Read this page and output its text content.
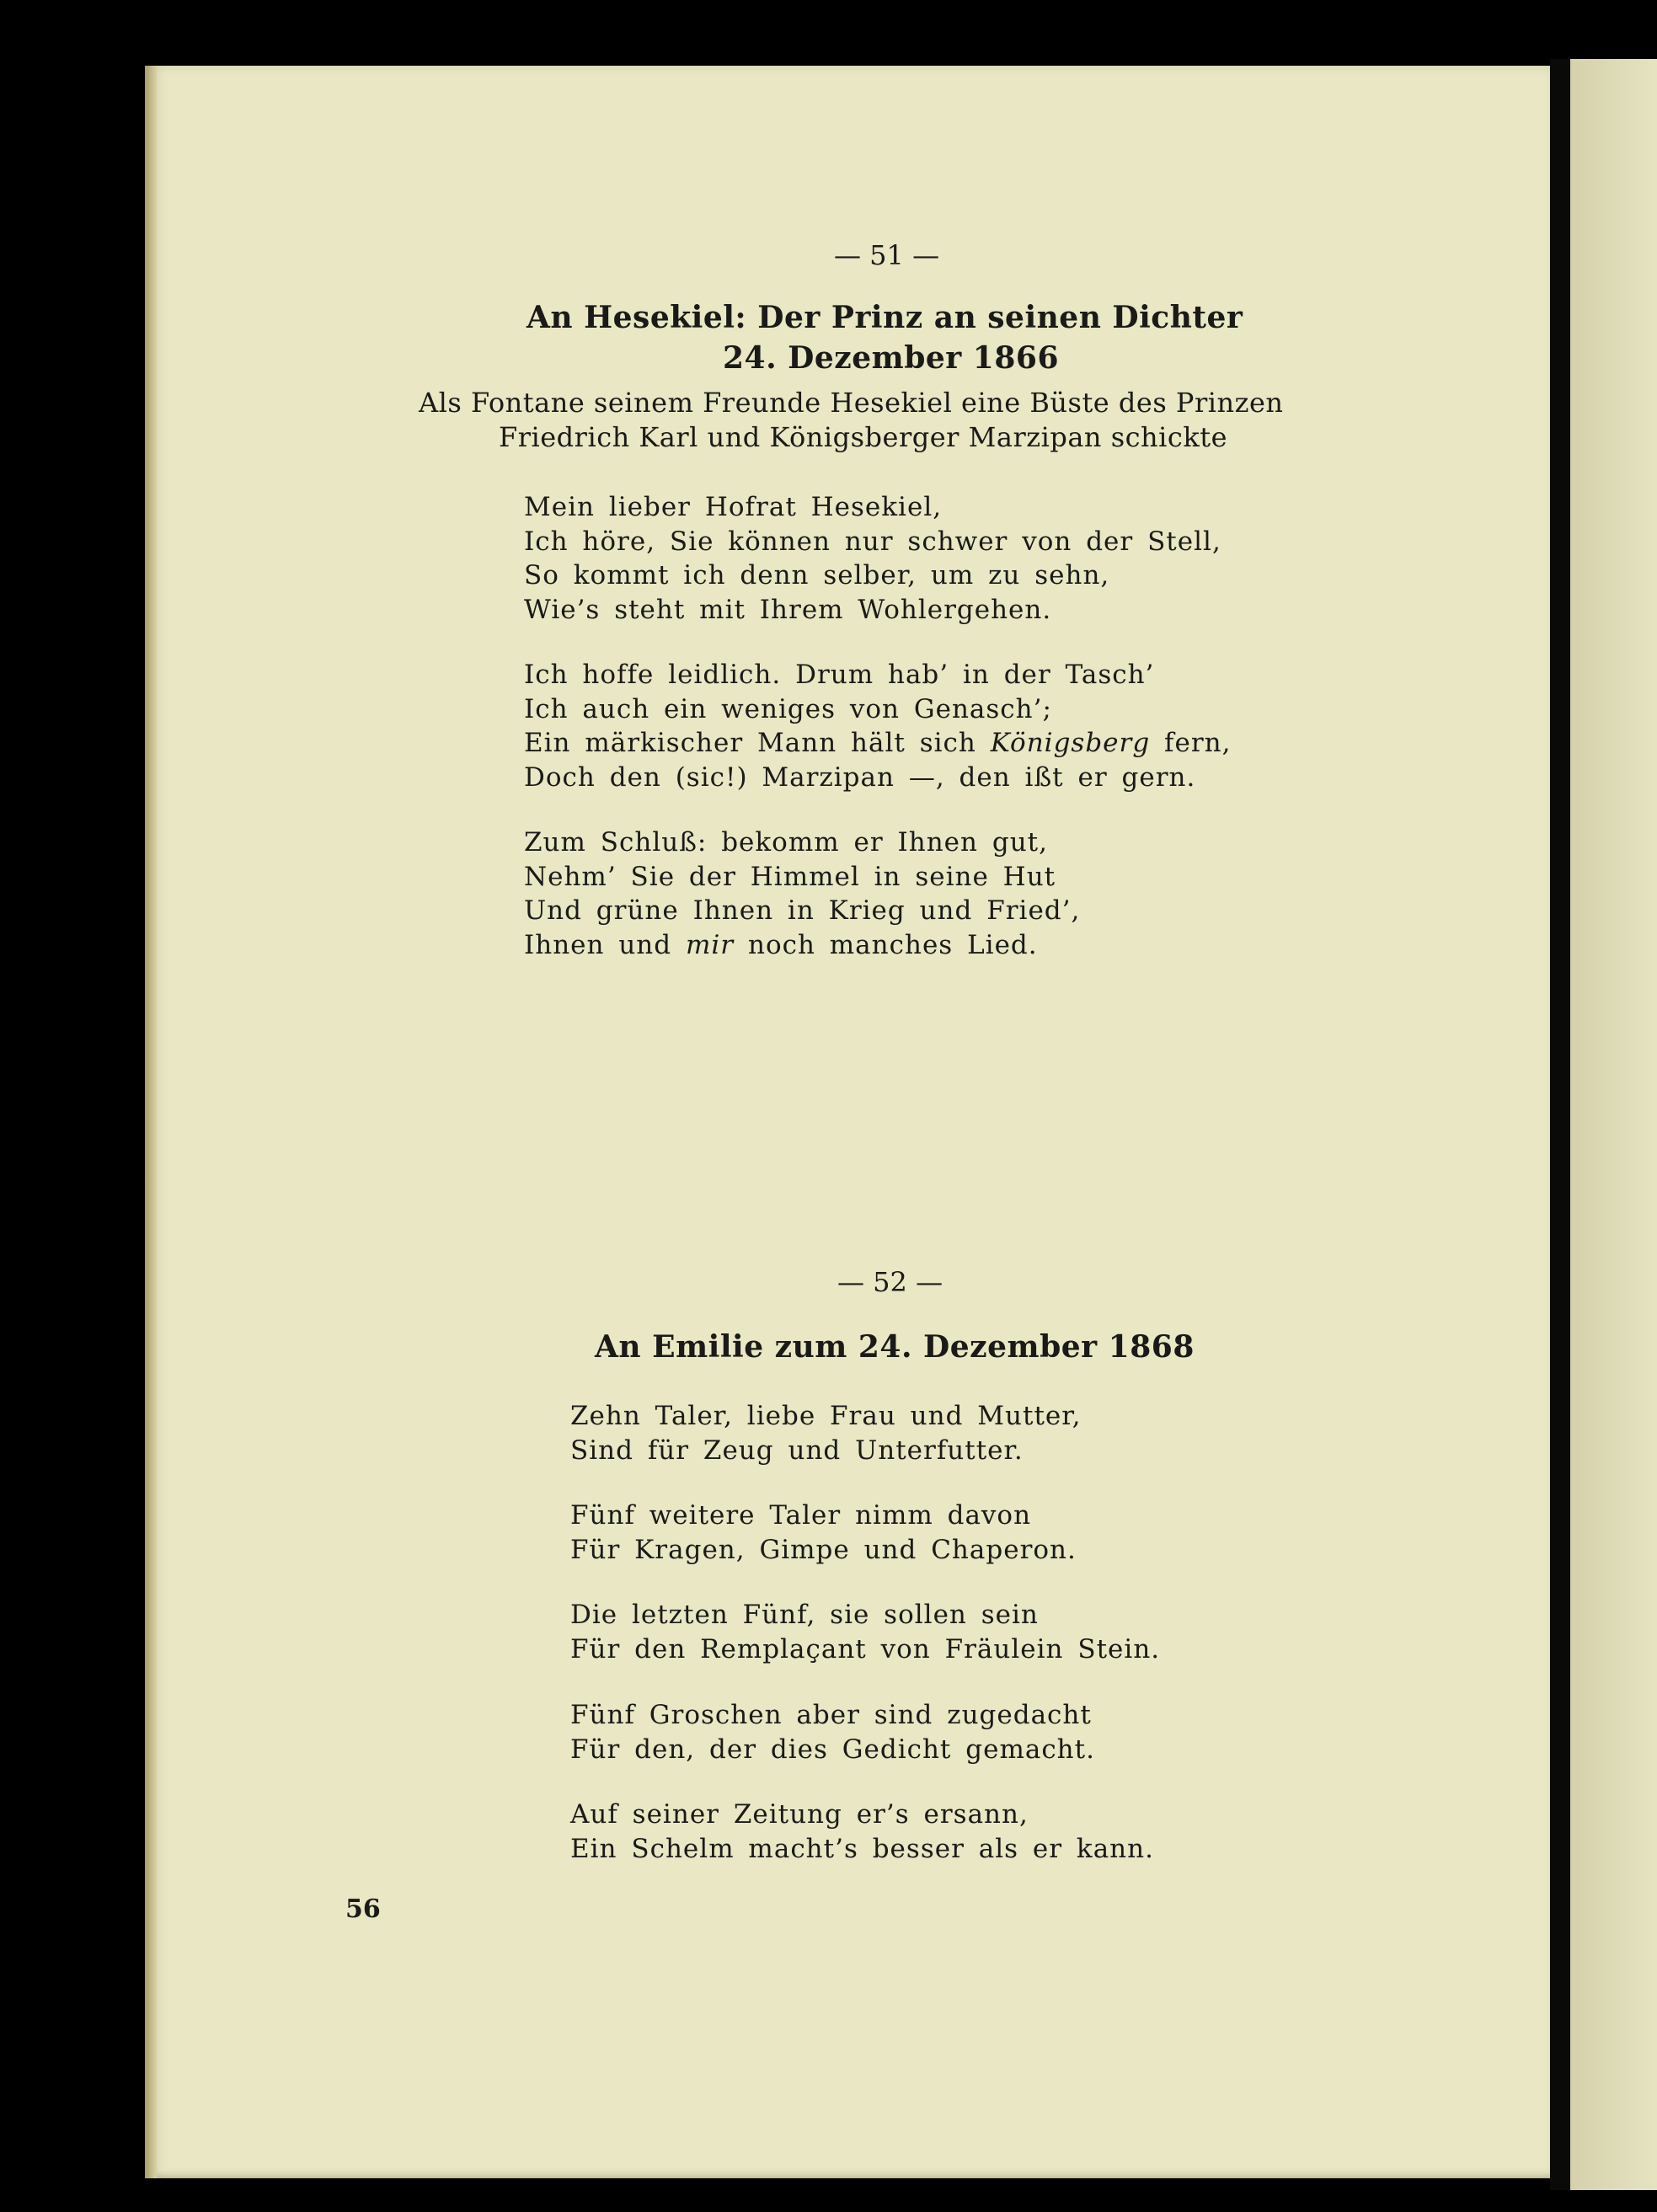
— 51 —
An Hesekiel: Der Prinz an seinen Dichter
24. Dezember 1866
Als Fontane seinem Freunde Hesekiel eine Büste des Prinzen
Friedrich Karl und Königsberger Marzipan schickte
Mein lieber Hofrat Hesekiel,
Ich höre, Sie können nur schwer von der Stell,
So kommt ich denn selber, um zu sehn,
Wie’s steht mit Ihrem Wohlergehen.
Ich hoffe leidlich. Drum hab’ in der Tasch’
Ich auch ein weniges von Genasch’;
Ein märkischer Mann hält sich Königsberg fern,
Doch den (sic!) Marzipan —, den ißt er gern.
Zum Schluß: bekomm er Ihnen gut,
Nehm’ Sie der Himmel in seine Hut
Und grüne Ihnen in Krieg und Fried’,
Ihnen und mir noch manches Lied.
— 52 —
An Emilie zum 24. Dezember 1868
Zehn Taler, liebe Frau und Mutter,
Sind für Zeug und Unterfutter.
Fünf weitere Taler nimm davon
Für Kragen, Gimpe und Chaperon.
Die letzten Fünf, sie sollen sein
Für den Remplaçant von Fräulein Stein.
Fünf Groschen aber sind zugedacht
Für den, der dies Gedicht gemacht.
Auf seiner Zeitung er’s ersann,
Ein Schelm macht’s besser als er kann.
56
